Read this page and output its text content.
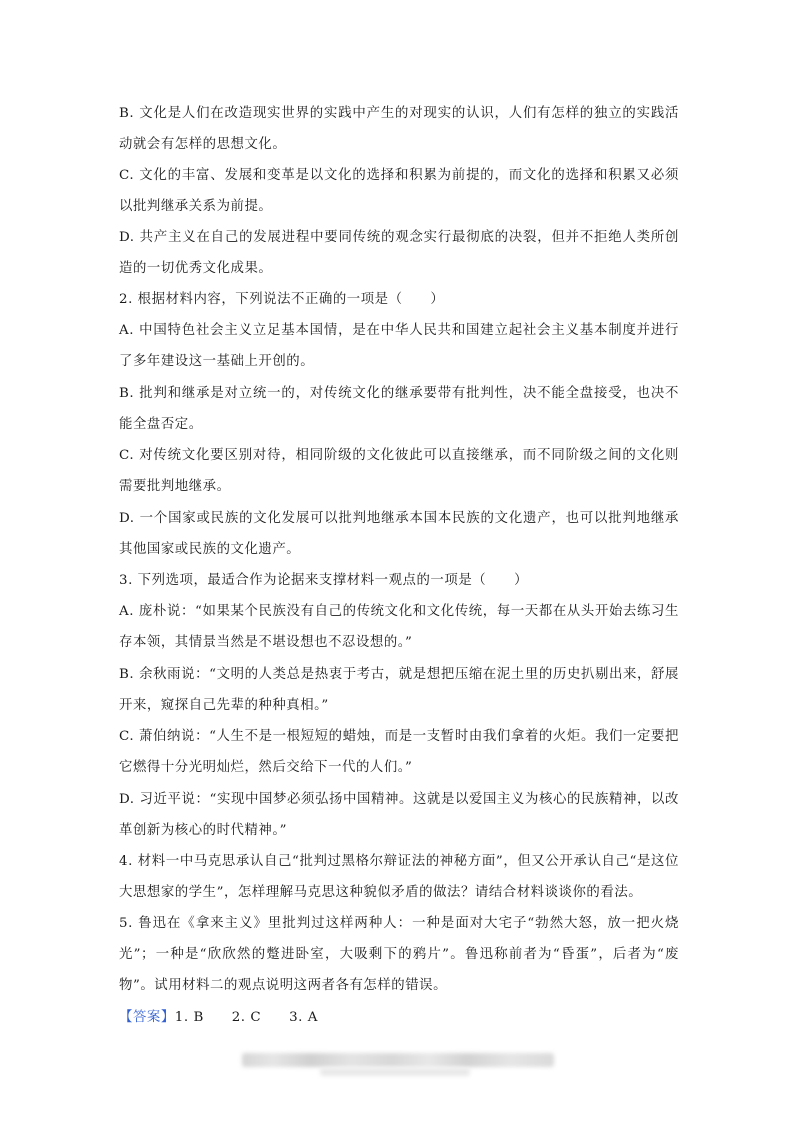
B. 文化是人们在改造现实世界的实践中产生的对现实的认识，人们有怎样的独立的实践活动就会有怎样的思想文化。

C. 文化的丰富、发展和变革是以文化的选择和积累为前提的，而文化的选择和积累又必须以批判继承关系为前提。

D. 共产主义在自己的发展进程中要同传统的观念实行最彻底的决裂，但并不拒绝人类所创造的一切优秀文化成果。

2. 根据材料内容，下列说法不正确的一项是（　　）

A. 中国特色社会主义立足基本国情，是在中华人民共和国建立起社会主义基本制度并进行了多年建设这一基础上开创的。

B. 批判和继承是对立统一的，对传统文化的继承要带有批判性，决不能全盘接受，也决不能全盘否定。

C. 对传统文化要区别对待，相同阶级的文化彼此可以直接继承，而不同阶级之间的文化则需要批判地继承。

D. 一个国家或民族的文化发展可以批判地继承本国本民族的文化遗产，也可以批判地继承其他国家或民族的文化遗产。

3. 下列选项，最适合作为论据来支撑材料一观点的一项是（　　）

A. 庞朴说：“如果某个民族没有自己的传统文化和文化传统，每一天都在从头开始去练习生存本领，其情景当然是不堪设想也不忍设想的。”

B. 余秋雨说：“文明的人类总是热衷于考古，就是想把压缩在泥土里的历史扒剔出来，舒展开来，窥探自己先辈的种种真相。”

C. 萧伯纳说：“人生不是一根短短的蜡烛，而是一支暂时由我们拿着的火炬。我们一定要把它燃得十分光明灿烂，然后交给下一代的人们。”

D. 习近平说：“实现中国梦必须弘扬中国精神。这就是以爱国主义为核心的民族精神，以改革创新为核心的时代精神。”

4. 材料一中马克思承认自己“批判过黑格尔辩证法的神秘方面”，但又公开承认自己“是这位大思想家的学生”，怎样理解马克思这种貌似矛盾的做法？请结合材料谈谈你的看法。

5. 鲁迅在《拿来主义》里批判过这样两种人：一种是面对大宅子“勃然大怒，放一把火烧光”；一种是“欣欣然的蹩进卧室，大吸剩下的鸦片”。鲁迅称前者为“昏蛋”，后者为“废物”。试用材料二的观点说明这两者各有怎样的错误。

【答案】1. B　　2. C　　3. A
